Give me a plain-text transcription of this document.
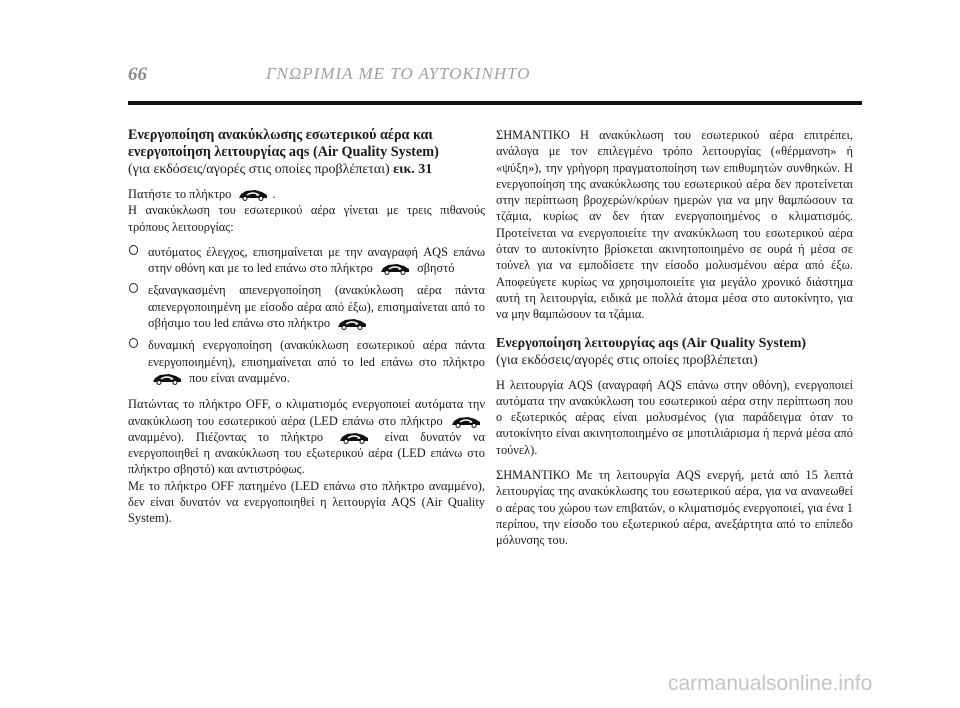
66	ΓΝΩΡΙΜΙΑ ΜΕ ΤΟ ΑΥΤΟΚΙΝΗΤΟ
Ενεργοποίηση ανακύκλωσης εσωτερικού αέρα και ενεργοποίηση λειτουργίας aqs (Air Quality System)
(για εκδόσεις/αγορές στις οποίες προβλέπεται) εικ. 31

Πατήστε το πλήκτρο	.
Η ανακύκλωση του εσωτερικού αέρα γίνεται με τρεις πιθανούς τρόπους λειτουργίας:

αυτόματος έλεγχος, επισημαίνεται με την αναγραφή AQS επάνω στην οθόνη και με το led επάνω στο πλήκτρο	σβηστό
εξαναγκασμένη απενεργοποίηση (ανακύκλωση αέρα πάντα απενεργοποιημένη με είσοδο αέρα από έξω), επισημαίνεται από το σβήσιμο του led επάνω στο πλήκτρο
δυναμική ενεργοποίηση (ανακύκλωση εσωτερικού αέρα πάντα ενεργοποιημένη), επισημαίνεται από το led επάνω στο πλήκτρο
που είναι αναμμένο.

Πατώντας το πλήκτρο OFF, ο κλιματισμός ενεργοποιεί αυτόματα την ανακύκλωση του εσωτερικού αέρα (LED επάνω στο πλήκτρο
αναμμένο). Πιέζοντας το πλήκτρο	είναι δυνατόν να ενεργοποιηθεί η ανακύκλωση του εξωτερικού αέρα (LED επάνω στο πλήκτρο σβηστό) και αντιστρόφως.
Με το πλήκτρο OFF πατημένο (LED επάνω στο πλήκτρο αναμμένο), δεν είναι δυνατόν να ενεργοποιηθεί η λειτουργία AQS (Air Quality System).

ΣΗΜΑΝΤΙΚΟ Η ανακύκλωση του εσωτερικού αέρα επιτρέπει, ανάλογα με τον επιλεγμένο τρόπο λειτουργίας («θέρμανση» ή «ψύξη»), την γρήγορη πραγματοποίηση των επιθυμητών συνθηκών. Η ενεργοποίηση της ανακύκλωσης του εσωτερικού αέρα δεν προτείνεται στην περίπτωση βροχερών/κρύων ημερών για να μην θαμπώσουν τα τζάμια, κυρίως αν δεν ήταν ενεργοποιημένος ο κλιματισμός. Προτείνεται να ενεργοποιείτε την ανακύκλωση του εσωτερικού αέρα όταν το αυτοκίνητο βρίσκεται ακινητοποιημένο σε ουρά ή μέσα σε τούνελ για να εμποδίσετε την είσοδο μολυσμένου αέρα από έξω. Αποφεύγετε κυρίως να χρησιμοποιείτε για μεγάλο χρονικό διάστημα αυτή τη λειτουργία, ειδικά με πολλά άτομα μέσα στο αυτοκίνητο, για να μην θαμπώσουν τα τζάμια.

Ενεργοποίηση λειτουργίας aqs (Air Quality System)
(για εκδόσεις/αγορές στις οποίες προβλέπεται)

Η λειτουργία AQS (αναγραφή AQS επάνω στην οθόνη), ενεργοποιεί αυτόματα την ανακύκλωση του εσωτερικού αέρα στην περίπτωση που ο εξωτερικός αέρας είναι μολυσμένος (για παράδειγμα όταν το αυτοκίνητο είναι ακινητοποιημένο σε μποτιλιάρισμα ή περνά μέσα από τούνελ).

ΣΗΜΑΝΤΙΚΟ Με τη λειτουργία AQS ενεργή, μετά από 15 λεπτά λειτουργίας της ανακύκλωσης του εσωτερικού αέρα, για να ανανεωθεί ο αέρας του χώρου των επιβατών, ο κλιματισμός ενεργοποιεί, για ένα 1 περίπου, την είσοδο του εξωτερικού αέρα, ανεξάρτητα από το επίπεδο μόλυνσης του.

carmanualsonline.info
